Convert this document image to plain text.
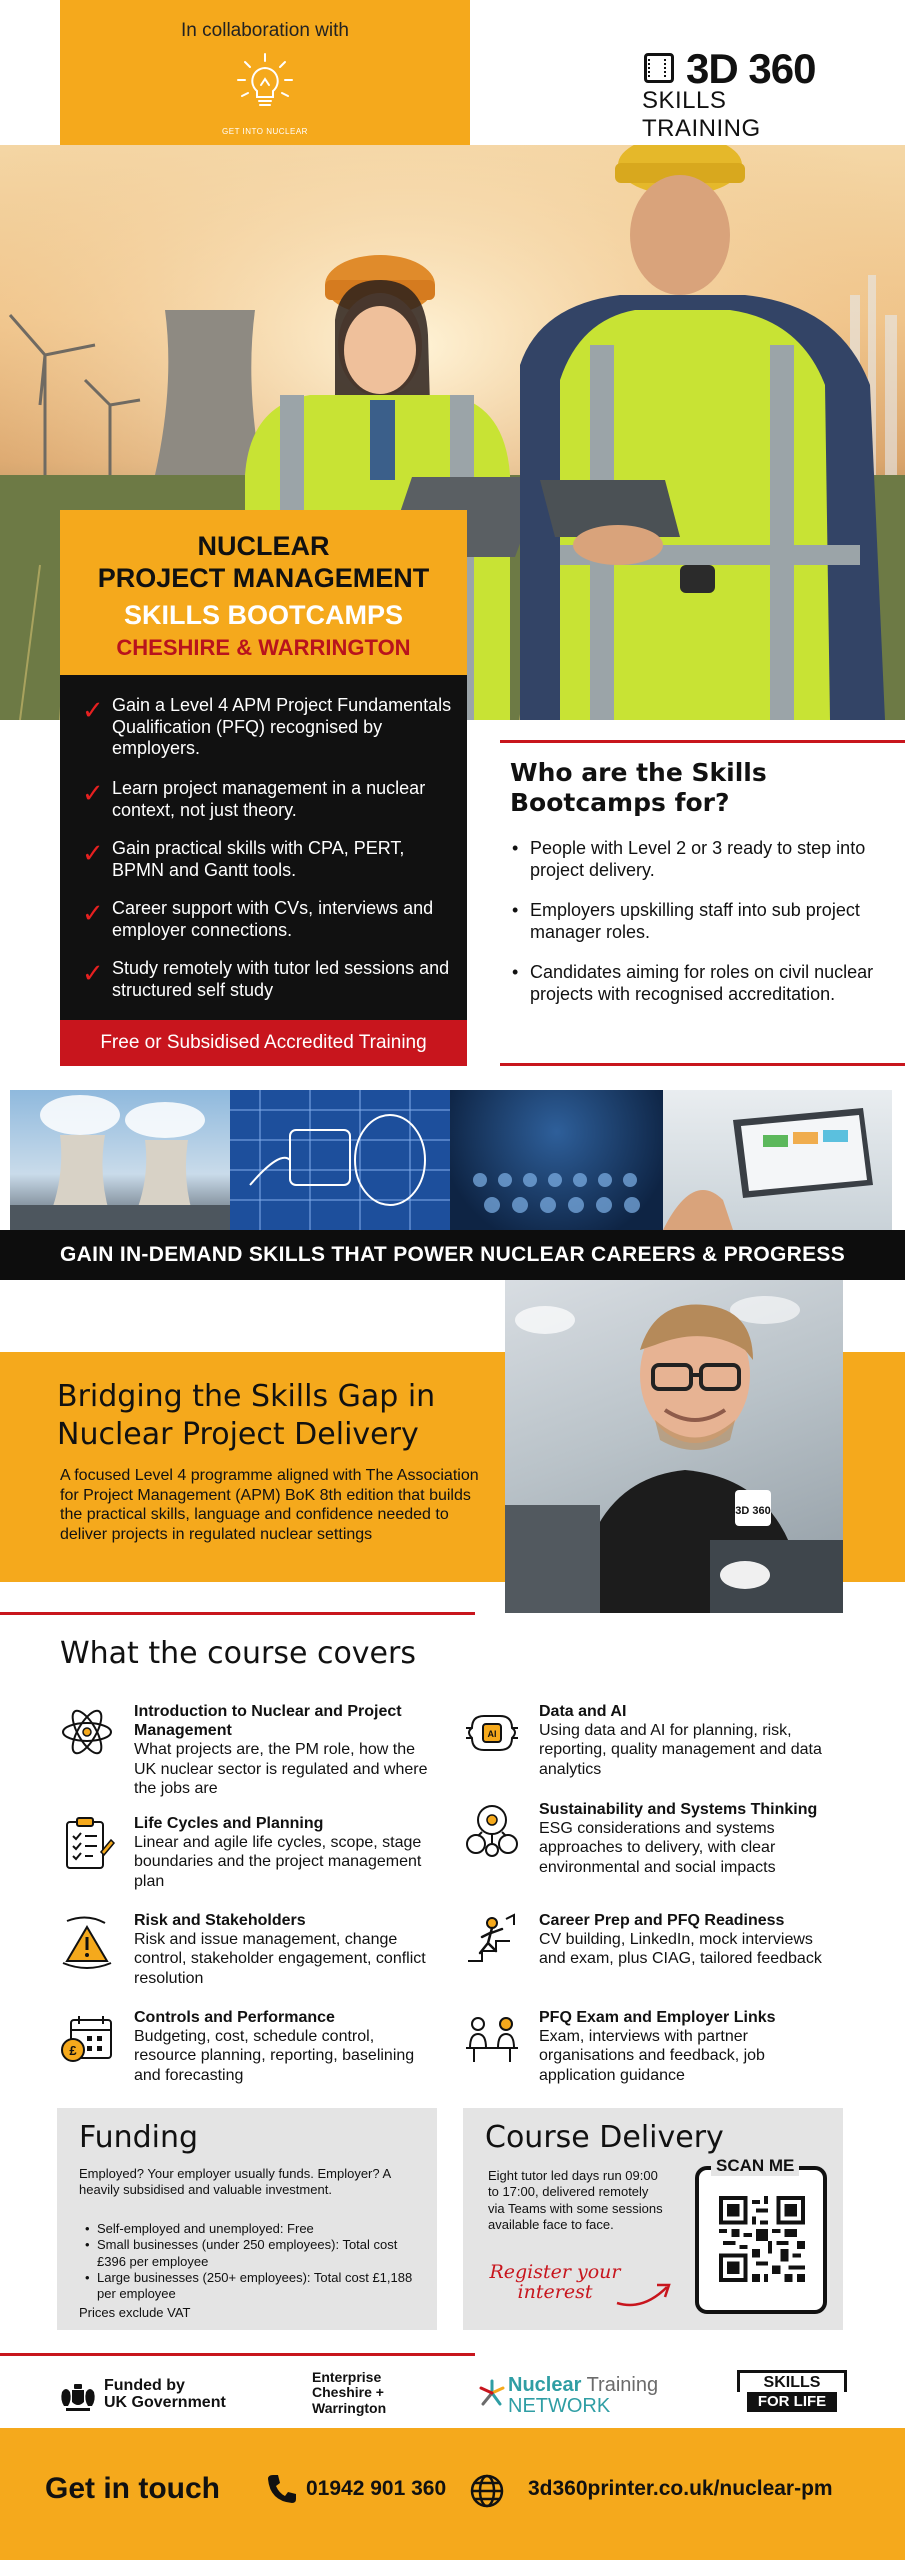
In collaboration with
GET INTO NUCLEAR
3D 360
SKILLS TRAINING
NUCLEAR
PROJECT MANAGEMENT
SKILLS BOOTCAMPS
CHESHIRE & WARRINGTON
✓ Gain a Level 4 APM Project Fundamentals Qualification (PFQ) recognised by employers.
✓ Learn project management in a nuclear context, not just theory.
✓ Gain practical skills with CPA, PERT, BPMN and Gantt tools.
✓ Career support with CVs, interviews and employer connections.
✓ Study remotely with tutor led sessions and structured self study
Free or Subsidised Accredited Training
Who are the Skills Bootcamps for?
• People with Level 2 or 3 ready to step into project delivery.
• Employers upskilling staff into sub project manager roles.
• Candidates aiming for roles on civil nuclear projects with recognised accreditation.
GAIN IN-DEMAND SKILLS THAT POWER NUCLEAR CAREERS & PROGRESS
Bridging the Skills Gap in Nuclear Project Delivery
A focused Level 4 programme aligned with The Association for Project Management (APM) BoK 8th edition that builds the practical skills, language and confidence needed to deliver projects in regulated nuclear settings
3D 360
What the course covers
Introduction to Nuclear and Project Management
What projects are, the PM role, how the UK nuclear sector is regulated and where the jobs are
AI
Data and AI
Using data and AI for planning, risk, reporting, quality management and data analytics
Life Cycles and Planning
Linear and agile life cycles, scope, stage boundaries and the project management plan
Sustainability and Systems Thinking
ESG considerations and systems approaches to delivery, with clear environmental and social impacts
Risk and Stakeholders
Risk and issue management, change control, stakeholder engagement, conflict resolution
Career Prep and PFQ Readiness
CV building, LinkedIn, mock interviews and exam, plus CIAG, tailored feedback
£
Controls and Performance
Budgeting, cost, schedule control, resource planning, reporting, baselining and forecasting
PFQ Exam and Employer Links
Exam, interviews with partner organisations and feedback, job application guidance
Funding
Employed? Your employer usually funds. Employer? A heavily subsidised and valuable investment.
• Self-employed and unemployed: Free
• Small businesses (under 250 employees): Total cost £396 per employee
• Large businesses (250+ employees): Total cost £1,188 per employee
Prices exclude VAT
Course Delivery
Eight tutor led days run 09:00 to 17:00, delivered remotely via Teams with some sessions available face to face.
Register your interest
SCAN ME
Funded by
UK Government
Enterprise
Cheshire +
Warrington
Nuclear Training
NETWORK
SKILLS
FOR LIFE
Get in touch	01942 901 360	3d360printer.co.uk/nuclear-pm
